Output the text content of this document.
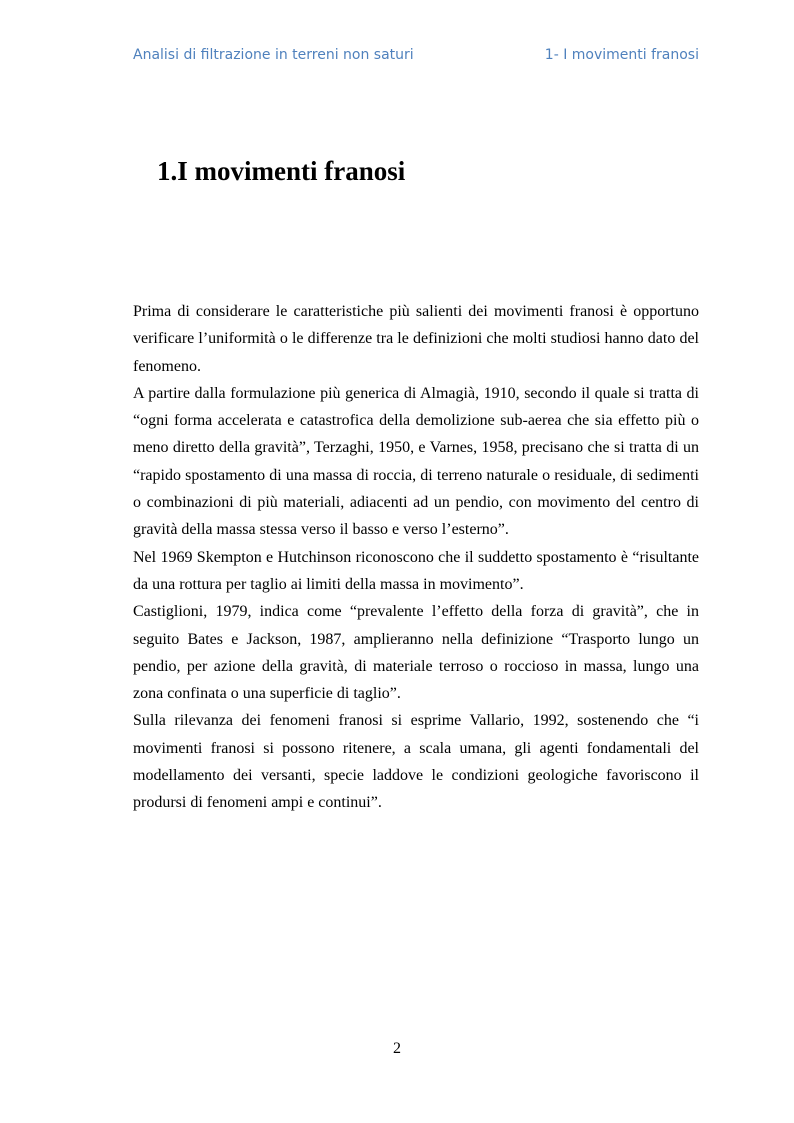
Analisi di filtrazione in terreni non saturi	1- I movimenti franosi
1.I movimenti franosi

Prima di considerare le caratteristiche più salienti dei movimenti franosi è opportuno verificare l’uniformità o le differenze tra le definizioni che molti studiosi hanno dato del fenomeno.

A partire dalla formulazione più generica di Almagià, 1910, secondo il quale si tratta di “ogni forma accelerata e catastrofica della demolizione sub-aerea che sia effetto più o meno diretto della gravità”, Terzaghi, 1950, e Varnes, 1958, precisano che si tratta di un “rapido spostamento di una massa di roccia, di terreno naturale o residuale, di sedimenti o combinazioni di più materiali, adiacenti ad un pendio, con movimento del centro di gravità della massa stessa verso il basso e verso l’esterno”.

Nel 1969 Skempton e Hutchinson riconoscono che il suddetto spostamento è “risultante da una rottura per taglio ai limiti della massa in movimento”.

Castiglioni, 1979, indica come “prevalente l’effetto della forza di gravità”, che in seguito Bates e Jackson, 1987, amplieranno nella definizione “Trasporto lungo un pendio, per azione della gravità, di materiale terroso o roccioso in massa, lungo una zona confinata o una superficie di taglio”.

Sulla rilevanza dei fenomeni franosi si esprime Vallario, 1992, sostenendo che “i movimenti franosi si possono ritenere, a scala umana, gli agenti fondamentali del modellamento dei versanti, specie laddove le condizioni geologiche favoriscono il prodursi di fenomeni ampi e continui”.

2
